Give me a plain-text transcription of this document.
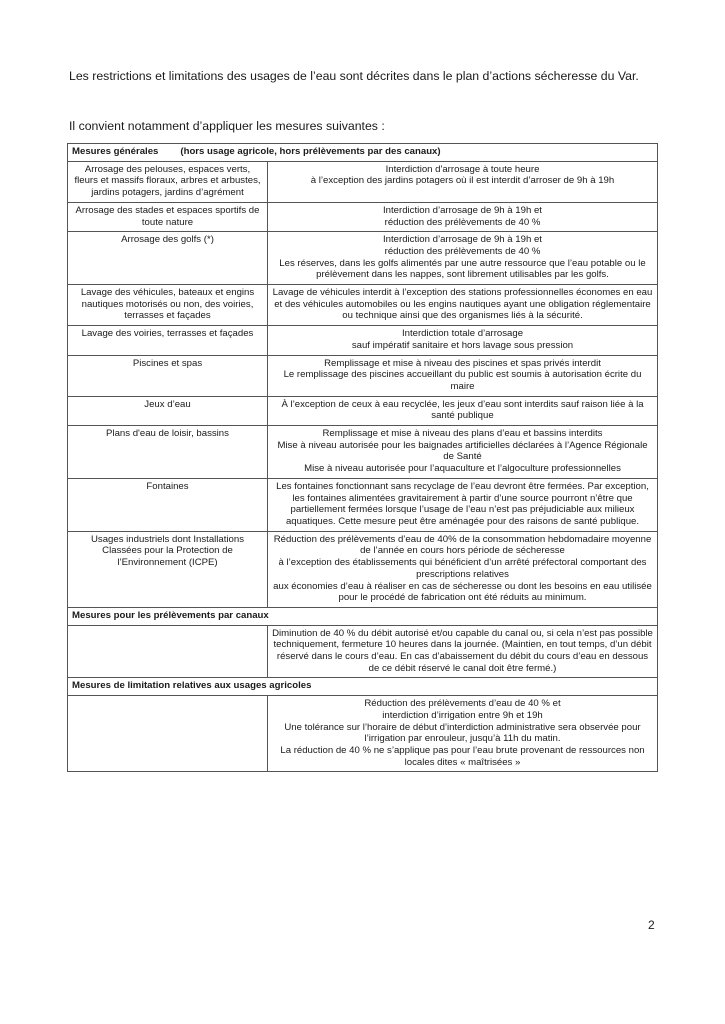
Les restrictions et limitations des usages de l’eau sont décrites dans le plan d’actions sécheresse du Var.

Il convient notamment d’appliquer les mesures suivantes :

Mesures générales (hors usage agricole, hors prélèvements par des canaux)	
Arrosage des pelouses, espaces verts, fleurs et massifs floraux, arbres et arbustes, jardins potagers, jardins d’agrément	Interdiction d'arrosage à toute heure
à l’exception des jardins potagers où il est interdit d’arroser de 9h à 19h

Arrosage des stades et espaces sportifs de toute nature	Interdiction d’arrosage de 9h à 19h et
réduction des prélèvements de 40 %

Arrosage des golfs (*)	Interdiction d’arrosage de 9h à 19h et
réduction des prélèvements de 40 %
Les réserves, dans les golfs alimentés par une autre ressource que l’eau potable ou le prélèvement dans les nappes, sont librement utilisables par les golfs.

Lavage des véhicules, bateaux et engins nautiques motorisés ou non, des voiries, terrasses et façades	Lavage de véhicules interdit à l’exception des stations professionnelles économes en eau et des véhicules automobiles ou les engins nautiques ayant une obligation réglementaire ou technique ainsi que des organismes liés à la sécurité.

Lavage des voiries, terrasses et façades	Interdiction totale d’arrosage
sauf impératif sanitaire et hors lavage sous pression

Piscines et spas	Remplissage et mise à niveau des piscines et spas privés interdit
Le remplissage des piscines accueillant du public est soumis à autorisation écrite du maire

Jeux d’eau	À l’exception de ceux à eau recyclée, les jeux d’eau sont interdits sauf raison liée à la santé publique

Plans d'eau de loisir, bassins	Remplissage et mise à niveau des plans d’eau et bassins interdits
Mise à niveau autorisée pour les baignades artificielles déclarées à l’Agence Régionale de Santé
Mise à niveau autorisée pour l’aquaculture et l’algoculture professionnelles

Fontaines	Les fontaines fonctionnant sans recyclage de l’eau devront être fermées. Par exception, les fontaines alimentées gravitairement à partir d’une source pourront n’être que partiellement fermées lorsque l’usage de l’eau n’est pas préjudiciable aux milieux aquatiques. Cette mesure peut être aménagée pour des raisons de santé publique.

Usages industriels dont Installations Classées pour la Protection de l’Environnement (ICPE)	Réduction des prélèvements d’eau de 40% de la consommation hebdomadaire moyenne de l’année en cours hors période de sécheresse
à l’exception des établissements qui bénéficient d’un arrêté préfectoral comportant des prescriptions relatives
aux économies d’eau à réaliser en cas de sécheresse ou dont les besoins en eau utilisée pour le procédé de fabrication ont été réduits au minimum.

Mesures pour les prélèvements par canaux	

	Diminution de 40 % du débit autorisé et/ou capable du canal ou, si cela n’est pas possible techniquement, fermeture 10 heures dans la journée. (Maintien, en tout temps, d’un débit réservé dans le cours d’eau. En cas d’abaissement du débit du cours d’eau en dessous de ce débit réservé le canal doit être fermé.)

Mesures de limitation relatives aux usages agricoles	

	Réduction des prélèvements d’eau de 40 % et
interdiction d’irrigation entre 9h et 19h
Une tolérance sur l’horaire de début d’interdiction administrative sera observée pour l’irrigation par enrouleur, jusqu’à 11h du matin.
La réduction de 40 % ne s’applique pas pour l’eau brute provenant de ressources non locales dites « maîtrisées »
2
